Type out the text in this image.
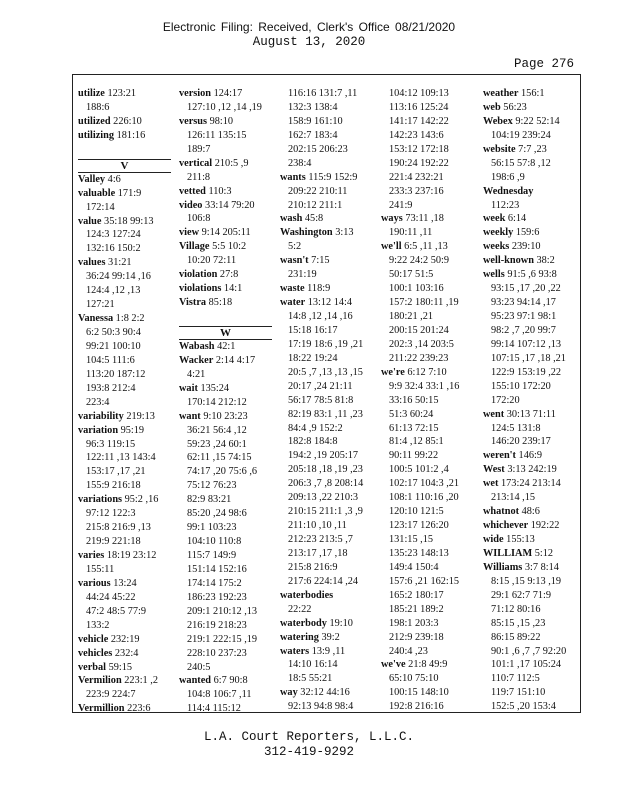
Electronic Filing: Received, Clerk's Office 08/21/2020
August 13, 2020
Page 276
utilize 123:21
188:6
utilized 226:10
utilizing 181:16
V
Valley 4:6
valuable 171:9
172:14
value 35:18 99:13
124:3 127:24
132:16 150:2
values 31:21
36:24 99:14 ,16
124:4 ,12 ,13
127:21
Vanessa 1:8 2:2
6:2 50:3 90:4
99:21 100:10
104:5 111:6
113:20 187:12
193:8 212:4
223:4
variability 219:13
variation 95:19
96:3 119:15
122:11 ,13 143:4
153:17 ,17 ,21
155:9 216:18
variations 95:2 ,16
97:12 122:3
215:8 216:9 ,13
219:9 221:18
varies 18:19 23:12
155:11
various 13:24
44:24 45:22
47:2 48:5 77:9
133:2
vehicle 232:19
vehicles 232:4
verbal 59:15
Vermilion 223:1 ,2
223:9 224:7
Vermillion 223:6
version 124:17
127:10 ,12 ,14 ,19
versus 98:10
126:11 135:15
189:7
vertical 210:5 ,9
211:8
vetted 110:3
video 33:14 79:20
106:8
view 9:14 205:11
Village 5:5 10:2
10:20 72:11
violation 27:8
violations 14:1
Vistra 85:18
W
Wabash 42:1
Wacker 2:14 4:17
4:21
wait 135:24
170:14 212:12
want 9:10 23:23
36:21 56:4 ,12
59:23 ,24 60:1
62:11 ,15 74:15
74:17 ,20 75:6 ,6
75:12 76:23
82:9 83:21
85:20 ,24 98:6
99:1 103:23
104:10 110:8
115:7 149:9
151:14 152:16
174:14 175:2
186:23 192:23
209:1 210:12 ,13
216:19 218:23
219:1 222:15 ,19
228:10 237:23
240:5
wanted 6:7 90:8
104:8 106:7 ,11
114:4 115:12
116:16 131:7 ,11
132:3 138:4
158:9 161:10
162:7 183:4
202:15 206:23
238:4
wants 115:9 152:9
209:22 210:11
210:12 211:1
wash 45:8
Washington 3:13
5:2
wasn't 7:15
231:19
waste 118:9
water 13:12 14:4
14:8 ,12 ,14 ,16
15:18 16:17
17:19 18:6 ,19 ,21
18:22 19:24
20:5 ,7 ,13 ,13 ,15
20:17 ,24 21:11
56:17 78:5 81:8
82:19 83:1 ,11 ,23
84:4 ,9 152:2
182:8 184:8
194:2 ,19 205:17
205:18 ,18 ,19 ,23
206:3 ,7 ,8 208:14
209:13 ,22 210:3
210:15 211:1 ,3 ,9
211:10 ,10 ,11
212:23 213:5 ,7
213:17 ,17 ,18
215:8 216:9
217:6 224:14 ,24
waterbodies
22:22
waterbody 19:10
watering 39:2
waters 13:9 ,11
14:10 16:14
18:5 55:21
way 32:12 44:16
92:13 94:8 98:4
104:12 109:13
113:16 125:24
141:17 142:22
142:23 143:6
153:12 172:18
190:24 192:22
221:4 232:21
233:3 237:16
241:9
ways 73:11 ,18
190:11 ,11
we'll 6:5 ,11 ,13
9:22 24:2 50:9
50:17 51:5
100:1 103:16
157:2 180:11 ,19
180:21 ,21
200:15 201:24
202:3 ,14 203:5
211:22 239:23
we're 6:12 7:10
9:9 32:4 33:1 ,16
33:16 50:15
51:3 60:24
61:13 72:15
81:4 ,12 85:1
90:11 99:22
100:5 101:2 ,4
102:17 104:3 ,21
108:1 110:16 ,20
120:10 121:5
123:17 126:20
131:15 ,15
135:23 148:13
149:4 150:4
157:6 ,21 162:15
165:2 180:17
185:21 189:2
198:1 203:3
212:9 239:18
240:4 ,23
we've 21:8 49:9
65:10 75:10
100:15 148:10
192:8 216:16
weather 156:1
web 56:23
Webex 9:22 52:14
104:19 239:24
website 7:7 ,23
56:15 57:8 ,12
198:6 ,9
Wednesday
112:23
week 6:14
weekly 159:6
weeks 239:10
well-known 38:2
wells 91:5 ,6 93:8
93:15 ,17 ,20 ,22
93:23 94:14 ,17
95:23 97:1 98:1
98:2 ,7 ,20 99:7
99:14 107:12 ,13
107:15 ,17 ,18 ,21
122:9 153:19 ,22
155:10 172:20
172:20
went 30:13 71:11
124:5 131:8
146:20 239:17
weren't 146:9
West 3:13 242:19
wet 173:24 213:14
213:14 ,15
whatnot 48:6
whichever 192:22
wide 155:13
WILLIAM 5:12
Williams 3:7 8:14
8:15 ,15 9:13 ,19
29:1 62:7 71:9
71:12 80:16
85:15 ,15 ,23
86:15 89:22
90:1 ,6 ,7 ,7 92:20
101:1 ,17 105:24
110:7 112:5
119:7 151:10
152:5 ,20 153:4
L.A. Court Reporters, L.L.C.
312-419-9292
